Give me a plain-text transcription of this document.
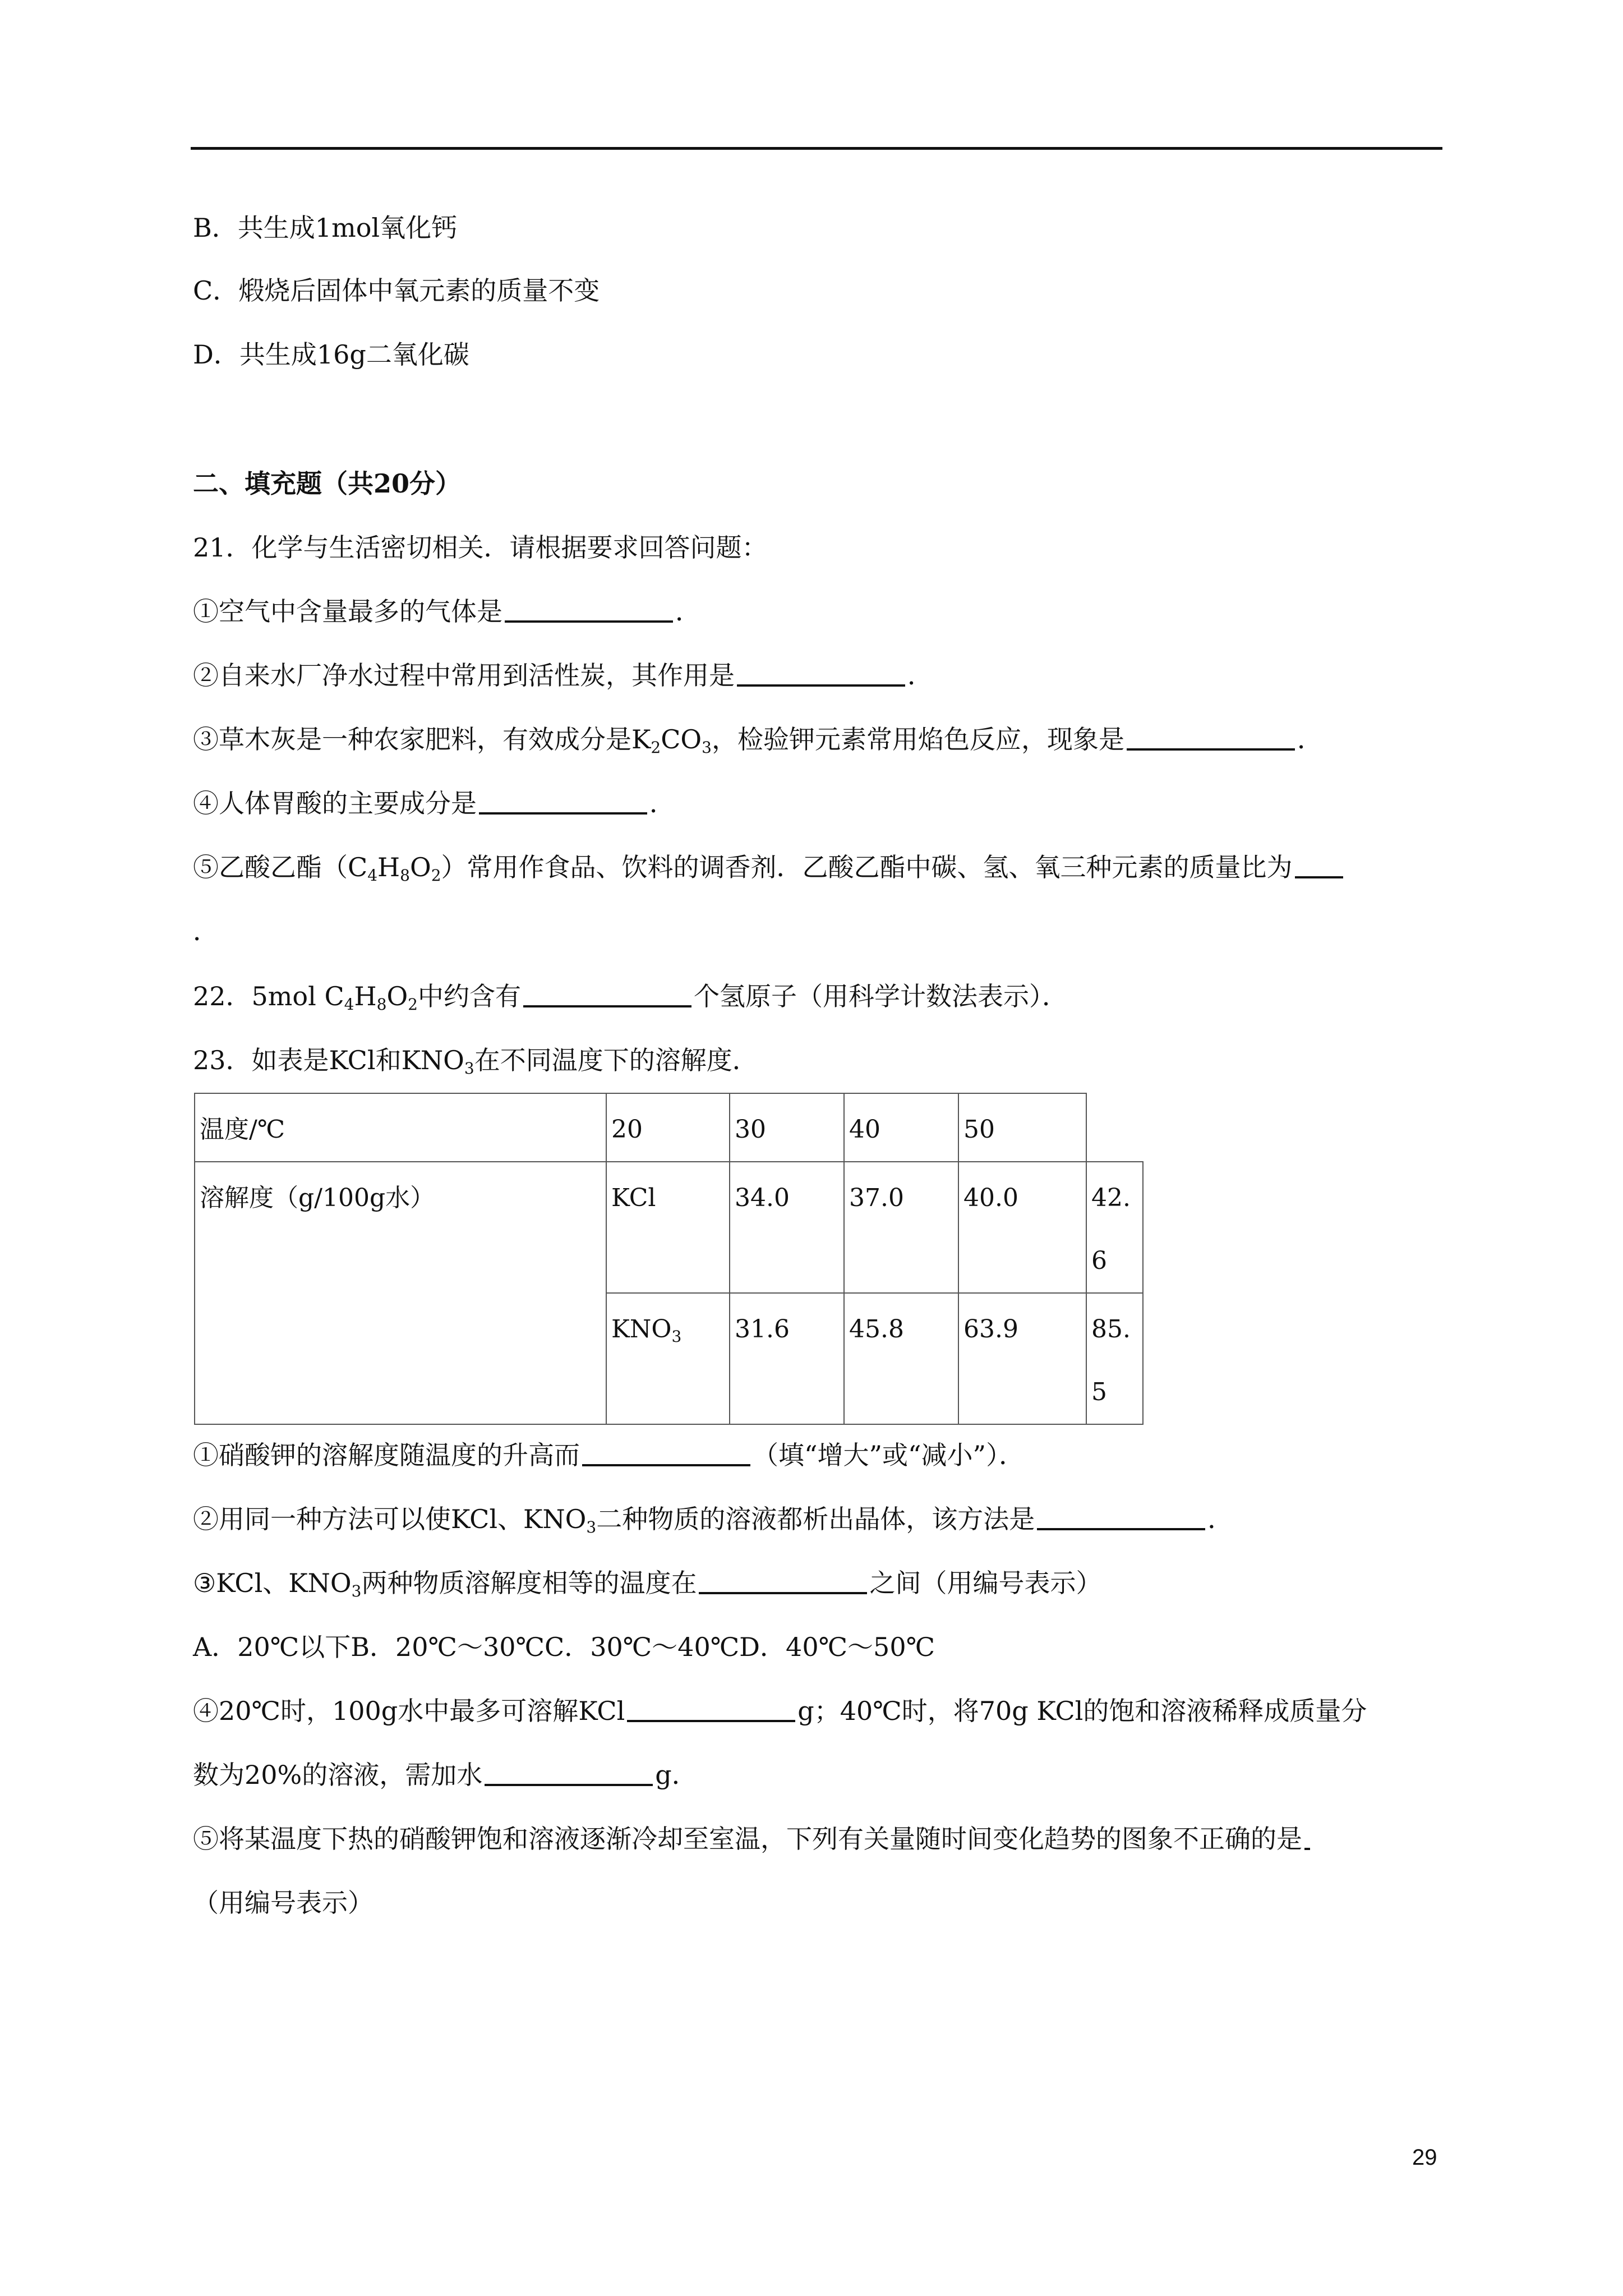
B．共生成1mol氧化钙
C．煅烧后固体中氧元素的质量不变
D．共生成16g二氧化碳
二、填充题（共20分）
21．化学与生活密切相关．请根据要求回答问题：
①空气中含量最多的气体是	．
②自来水厂净水过程中常用到活性炭，其作用是	．
③草木灰是一种农家肥料，有效成分是$K_2CO_3$，检验钾元素常用焰色反应，现象是	．
④人体胃酸的主要成分是	．
⑤乙酸乙酯$(C_4H_8O_2)$常用作食品、饮料的调香剂．乙酸乙酯中碳、氢、氧三种元素的质量比为
．
22．5mol $C_4H_8O_2$中约含有	个氢原子（用科学计数法表示）．
23．如表是KCl和$KNO_3$在不同温度下的溶解度．
温度/℃	20	30	40	50	
溶解度（g/100g水）	KCl	34.0	37.0	40.0	42.6
	$KNO_3$	31.6	45.8	63.9	85.5
①硝酸钾的溶解度随温度的升高而	（填“增大”或“减小”）．
②用同一种方法可以使KCl、$KNO_3$二种物质的溶液都析出晶体，该方法是	．
③KCl、$KNO_3$两种物质溶解度相等的温度在	之间（用编号表示）
A．20℃以下B．20℃～30℃C．30℃～40℃D．40℃～50℃
④20℃时，100g水中最多可溶解KCl	g；40℃时，将70g KCl的饱和溶液稀释成质量分
数为20%的溶液，需加水	g．
⑤将某温度下热的硝酸钾饱和溶液逐渐冷却至室温，下列有关量随时间变化趋势的图象不正确的是
（用编号表示）
29
